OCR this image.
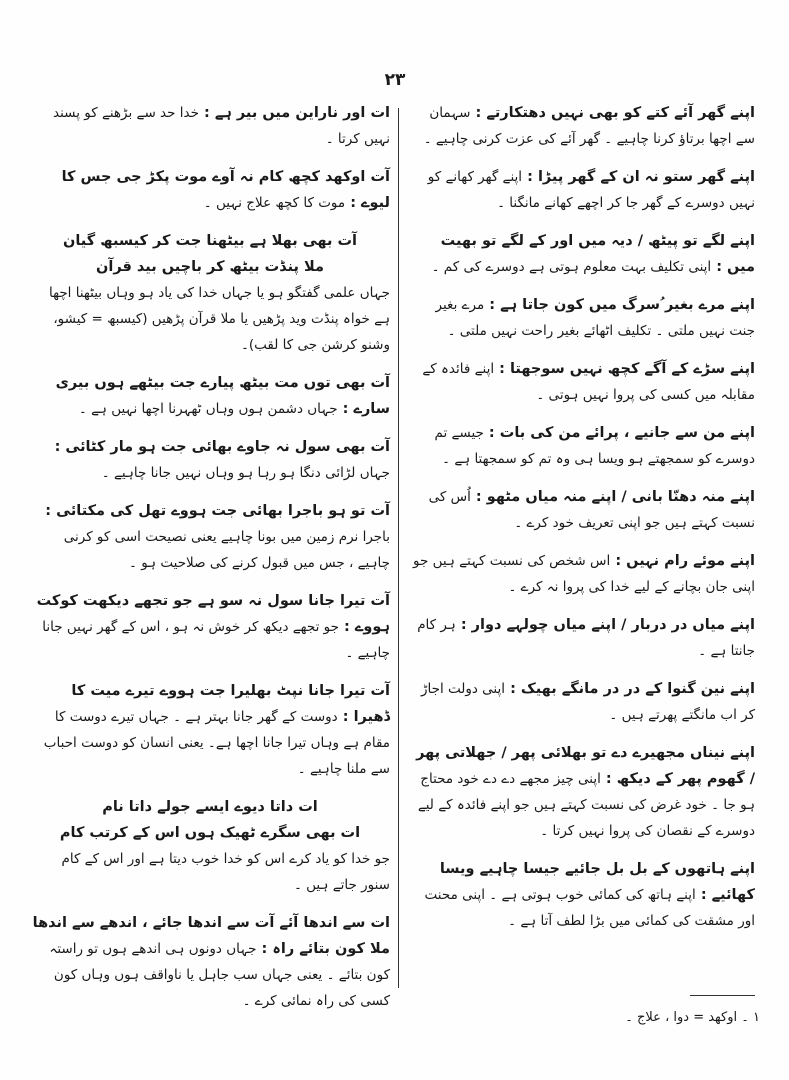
۲۳
اپنے گھر آئے کتے کو بھی نہیں دھتکارتے : سہمان سے اچھا برتاؤ کرنا چاہیے ۔ گھر آئے کی عزت کرنی چاہیے ۔
اپنے گھر ستو نہ ان کے گھر پیڑا : اپنے گھر کھانے کو نہیں دوسرے کے گھر جا کر اچھے کھانے مانگنا ۔
اپنے لگے تو پیٹھ / دیہ میں اور کے لگے تو بھیت میں : اپنی تکلیف بہت معلوم ہوتی ہے دوسرے کی کم ۔
اپنے مرے بغیر ُسرگ میں کون جاتا ہے : مرے بغیر جنت نہیں ملتی ۔ تکلیف اٹھائے بغیر راحت نہیں ملتی ۔
اپنے سڑے کے آگے کچھ نہیں سوجھتا : اپنے فائدہ کے مقابلہ میں کسی کی پروا نہیں ہوتی ۔
اپنے من سے جانیے ، پرائے من کی بات : جیسے تم دوسرے کو سمجھتے ہو ویسا ہی وہ تم کو سمجھتا ہے ۔
اپنے منہ دھنّا بانی / اپنے منہ میاں مٹھو : اُس کی نسبت کہتے ہیں جو اپنی تعریف خود کرے ۔
اپنے موئے رام نہیں : اس شخص کی نسبت کہتے ہیں جو اپنی جان بچانے کے لیے خدا کی پروا نہ کرے ۔
اپنے میاں در دربار / اپنے میاں چولہے دوار : ہر کام جانتا ہے ۔
اپنے نین گنوا کے در در مانگے بھیک : اپنی دولت اجاڑ کر اب مانگتے پھرتے ہیں ۔
اپنے نیناں مجھیرے دے تو بھلائی پھر / جھلاتی پھر / گھوم پھر کے دیکھ : اپنی چیز مجھے دے دے خود محتاج ہو جا ۔ خود غرض کی نسبت کہتے ہیں جو اپنے فائدہ کے لیے دوسرے کے نقصان کی پروا نہیں کرتا ۔
اپنے ہاتھوں کے بل بل جائیے جیسا چاہیے ویسا کھائیے : اپنے ہاتھ کی کمائی خوب ہوتی ہے ۔ اپنی محنت اور مشقت کی کمائی میں بڑا لطف آتا ہے ۔
ات اور ناراین میں بیر ہے : خدا حد سے بڑھنے کو پسند نہیں کرتا ۔
آت اوکھد کچھ کام نہ آوے موت پکڑ جی جس کا لیوے : موت کا کچھ علاج نہیں ۔
آت بھی بھلا ہے بیٹھنا جت کر کیسبھ گیان
ملا پنڈت بیٹھ کر باچیں بید قرآن
جہاں علمی گفتگو ہو یا جہاں خدا کی یاد ہو وہاں بیٹھنا اچھا ہے خواہ پنڈت وید پڑھیں یا ملا قرآن پڑھیں (کیسبھ = کیشو، وشنو کرشن جی کا لقب)۔
آت بھی توں مت بیٹھ پیارے جت بیٹھے ہوں بیری سارے : جہاں دشمن ہوں وہاں ٹھہرنا اچھا نہیں ہے ۔
آت بھی سول نہ جاوے بھائی جت ہو مار کٹائی : جہاں لڑائی دنگا ہو رہا ہو وہاں نہیں جانا چاہیے ۔
آت تو ہو باجرا بھائی جت ہووے تھل کی مکتائی : باجرا نرم زمین میں بونا چاہیے یعنی نصیحت اسی کو کرنی چاہیے ، جس میں قبول کرنے کی صلاحیت ہو ۔
آت تیرا جانا سول نہ سو ہے جو تجھے دیکھت کوکت ہووے : جو تجھے دیکھ کر خوش نہ ہو ، اس کے گھر نہیں جانا چاہیے ۔
آت تیرا جانا نپٹ بھلیرا جت ہووے تیرے میت کا ڈھیرا : دوست کے گھر جانا بہتر ہے ۔ جہاں تیرے دوست کا مقام ہے وہاں تیرا جانا اچھا ہے۔ یعنی انسان کو دوست احباب سے ملنا چاہیے ۔
ات داتا دیوے ایسے جولے داتا نام
ات بھی سگرے ٹھیک ہوں اس کے کرتب کام
جو خدا کو یاد کرے اس کو خدا خوب دیتا ہے اور اس کے کام سنور جاتے ہیں ۔
ات سے اندھا آئے آت سے اندھا جائے ، اندھے سے اندھا ملا کون بتائے راہ : جہاں دونوں ہی اندھے ہوں تو راستہ کون بتائے ۔ یعنی جہاں سب جاہل یا ناواقف ہوں وہاں کون کسی کی راہ نمائی کرے ۔
۱ ۔ اوکھد = دوا ، علاج ۔
